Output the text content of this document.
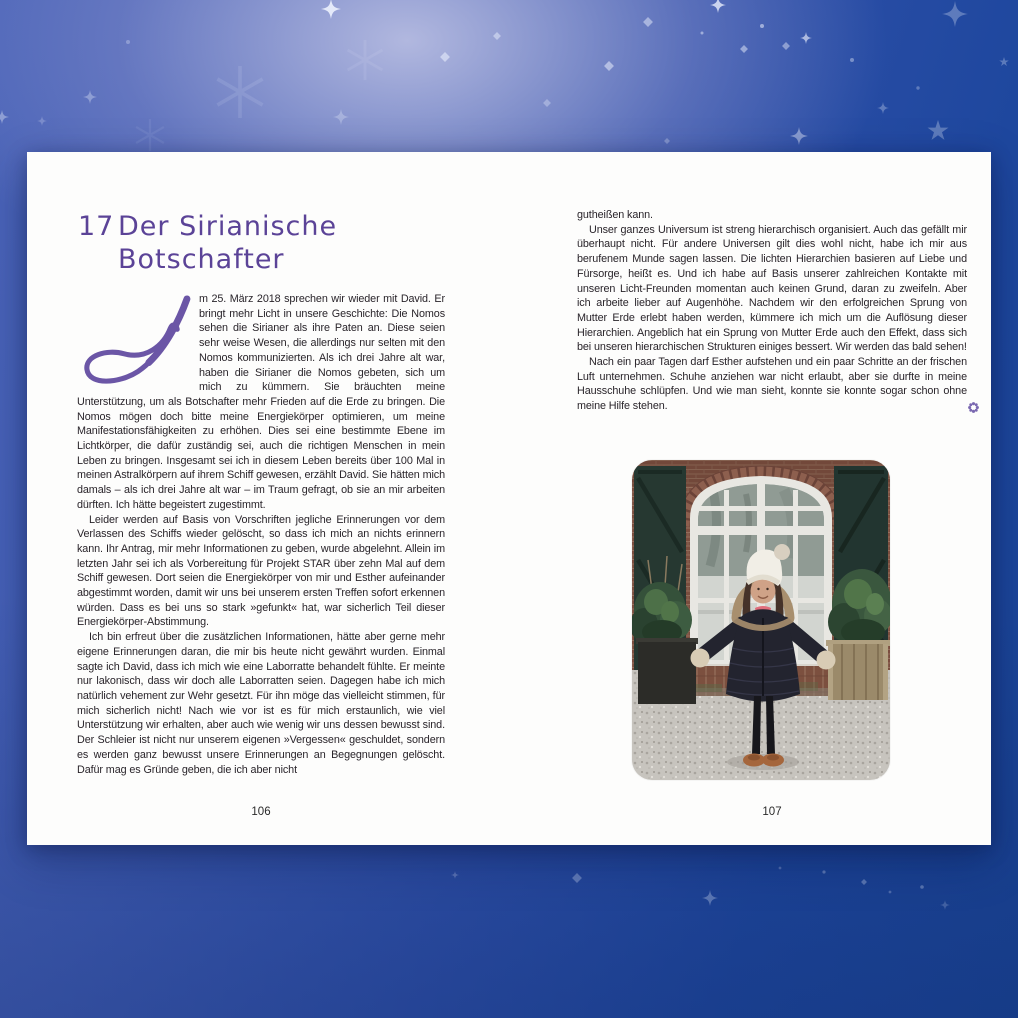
17 Der Sirianische
Botschafter

m 25. März 2018 sprechen wir wieder mit David. Er bringt mehr Licht in unsere Geschichte: Die Nomos sehen die Sirianer als ihre Paten an. Diese seien sehr weise Wesen, die allerdings nur selten mit den Nomos kommunizierten. Als ich drei Jahre alt war, haben die Sirianer die Nomos gebeten, sich um mich zu kümmern. Sie bräuchten meine Unterstützung, um als Botschafter mehr Frieden auf die Erde zu bringen. Die Nomos mögen doch bitte meine Energiekörper optimieren, um meine Manifestationsfähigkeiten zu erhöhen. Dies sei eine bestimmte Ebene im Lichtkörper, die dafür zuständig sei, auch die richtigen Menschen in mein Leben zu bringen. Insgesamt sei ich in diesem Leben bereits über 100 Mal in meinen Astralkörpern auf ihrem Schiff gewesen, erzählt David. Sie hätten mich damals – als ich drei Jahre alt war – im Traum gefragt, ob sie an mir arbeiten dürften. Ich hätte begeistert zugestimmt.

Leider werden auf Basis von Vorschriften jegliche Erinnerungen vor dem Verlassen des Schiffs wieder gelöscht, so dass ich mich an nichts erinnern kann. Ihr Antrag, mir mehr Informationen zu geben, wurde abgelehnt. Allein im letzten Jahr sei ich als Vorbereitung für Projekt STAR über zehn Mal auf dem Schiff gewesen. Dort seien die Energiekörper von mir und Esther aufeinander abgestimmt worden, damit wir uns bei unserem ersten Treffen sofort erkennen würden. Dass es bei uns so stark »gefunkt« hat, war sicherlich Teil dieser Energiekörper-Abstimmung.

Ich bin erfreut über die zusätzlichen Informationen, hätte aber gerne mehr eigene Erinnerungen daran, die mir bis heute nicht gewährt wurden. Einmal sagte ich David, dass ich mich wie eine Laborratte behandelt fühlte. Er meinte nur lakonisch, dass wir doch alle Laborratten seien. Dagegen habe ich mich natürlich vehement zur Wehr gesetzt. Für ihn möge das vielleicht stimmen, für mich sicherlich nicht! Nach wie vor ist es für mich erstaunlich, wie viel Unterstützung wir erhalten, aber auch wie wenig wir uns dessen bewusst sind. Der Schleier ist nicht nur unserem eigenen »Vergessen« geschuldet, sondern es werden ganz bewusst unsere Erinnerungen an Begegnungen gelöscht. Dafür mag es Gründe geben, die ich aber nicht

106

gutheißen kann.

Unser ganzes Universum ist streng hierarchisch organisiert. Auch das gefällt mir überhaupt nicht. Für andere Universen gilt dies wohl nicht, habe ich mir aus berufenem Munde sagen lassen. Die lichten Hierarchien basieren auf Liebe und Fürsorge, heißt es. Und ich habe auf Basis unserer zahlreichen Kontakte mit unseren Licht-Freunden momentan auch keinen Grund, daran zu zweifeln. Aber ich arbeite lieber auf Augenhöhe. Nachdem wir den erfolgreichen Sprung von Mutter Erde erlebt haben werden, kümmere ich mich um die Auflösung dieser Hierarchien. Angeblich hat ein Sprung von Mutter Erde auch den Effekt, dass sich bei unseren hierarchischen Strukturen einiges bessert. Wir werden das bald sehen!

Nach ein paar Tagen darf Esther aufstehen und ein paar Schritte an der frischen Luft unternehmen. Schuhe anziehen war nicht erlaubt, aber sie durfte in meine Hausschuhe schlüpfen. Und wie man sieht, konnte sie konnte sogar schon ohne meine Hilfe stehen.

107
